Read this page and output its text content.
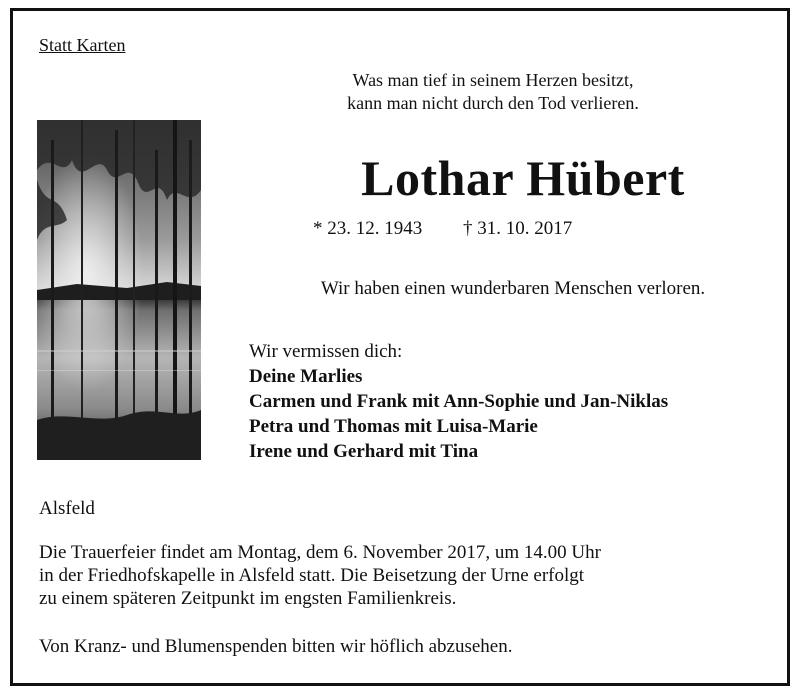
Statt Karten
Was man tief in seinem Herzen besitzt,
kann man nicht durch den Tod verlieren.
Lothar Hübert
* 23. 12. 1943 † 31. 10. 2017
Wir haben einen wunderbaren Menschen verloren.
Wir vermissen dich:
Deine Marlies
Carmen und Frank mit Ann-Sophie und Jan-Niklas
Petra und Thomas mit Luisa-Marie
Irene und Gerhard mit Tina
Alsfeld
Die Trauerfeier findet am Montag, dem 6. November 2017, um 14.00 Uhr
in der Friedhofskapelle in Alsfeld statt. Die Beisetzung der Urne erfolgt
zu einem späteren Zeitpunkt im engsten Familienkreis.
Von Kranz- und Blumenspenden bitten wir höflich abzusehen.
